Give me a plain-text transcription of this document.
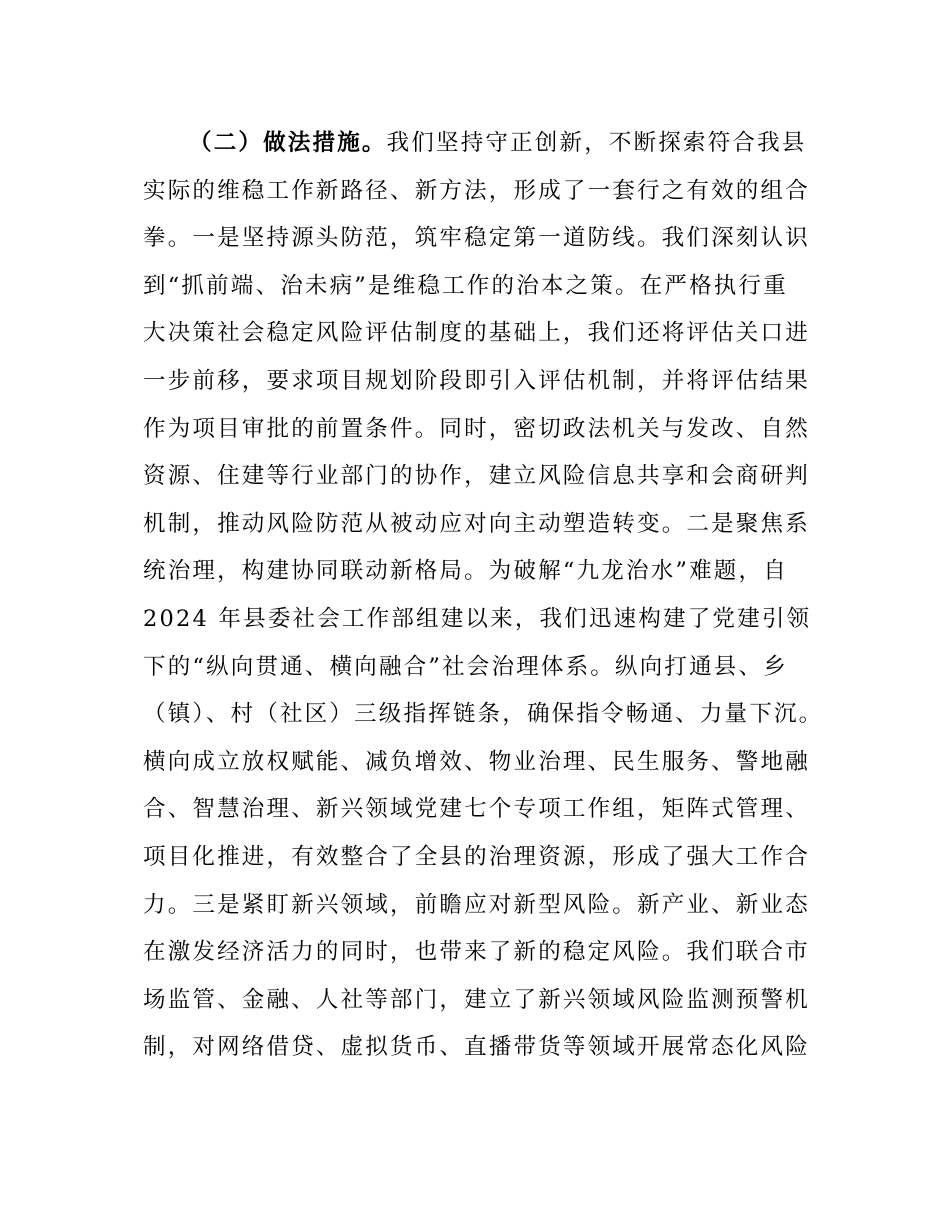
（二）做法措施。我们坚持守正创新，不断探索符合我县
实际的维稳工作新路径、新方法，形成了一套行之有效的组合
拳。一是坚持源头防范，筑牢稳定第一道防线。我们深刻认识
到“抓前端、治未病”是维稳工作的治本之策。在严格执行重
大决策社会稳定风险评估制度的基础上，我们还将评估关口进
一步前移，要求项目规划阶段即引入评估机制，并将评估结果
作为项目审批的前置条件。同时，密切政法机关与发改、自然
资源、住建等行业部门的协作，建立风险信息共享和会商研判
机制，推动风险防范从被动应对向主动塑造转变。二是聚焦系
统治理，构建协同联动新格局。为破解“九龙治水”难题，自
2024 年县委社会工作部组建以来，我们迅速构建了党建引领
下的“纵向贯通、横向融合”社会治理体系。纵向打通县、乡
（镇）、村（社区）三级指挥链条，确保指令畅通、力量下沉。
横向成立放权赋能、减负增效、物业治理、民生服务、警地融
合、智慧治理、新兴领域党建七个专项工作组，矩阵式管理、
项目化推进，有效整合了全县的治理资源，形成了强大工作合
力。三是紧盯新兴领域，前瞻应对新型风险。新产业、新业态
在激发经济活力的同时，也带来了新的稳定风险。我们联合市
场监管、金融、人社等部门，建立了新兴领域风险监测预警机
制，对网络借贷、虚拟货币、直播带货等领域开展常态化风险
